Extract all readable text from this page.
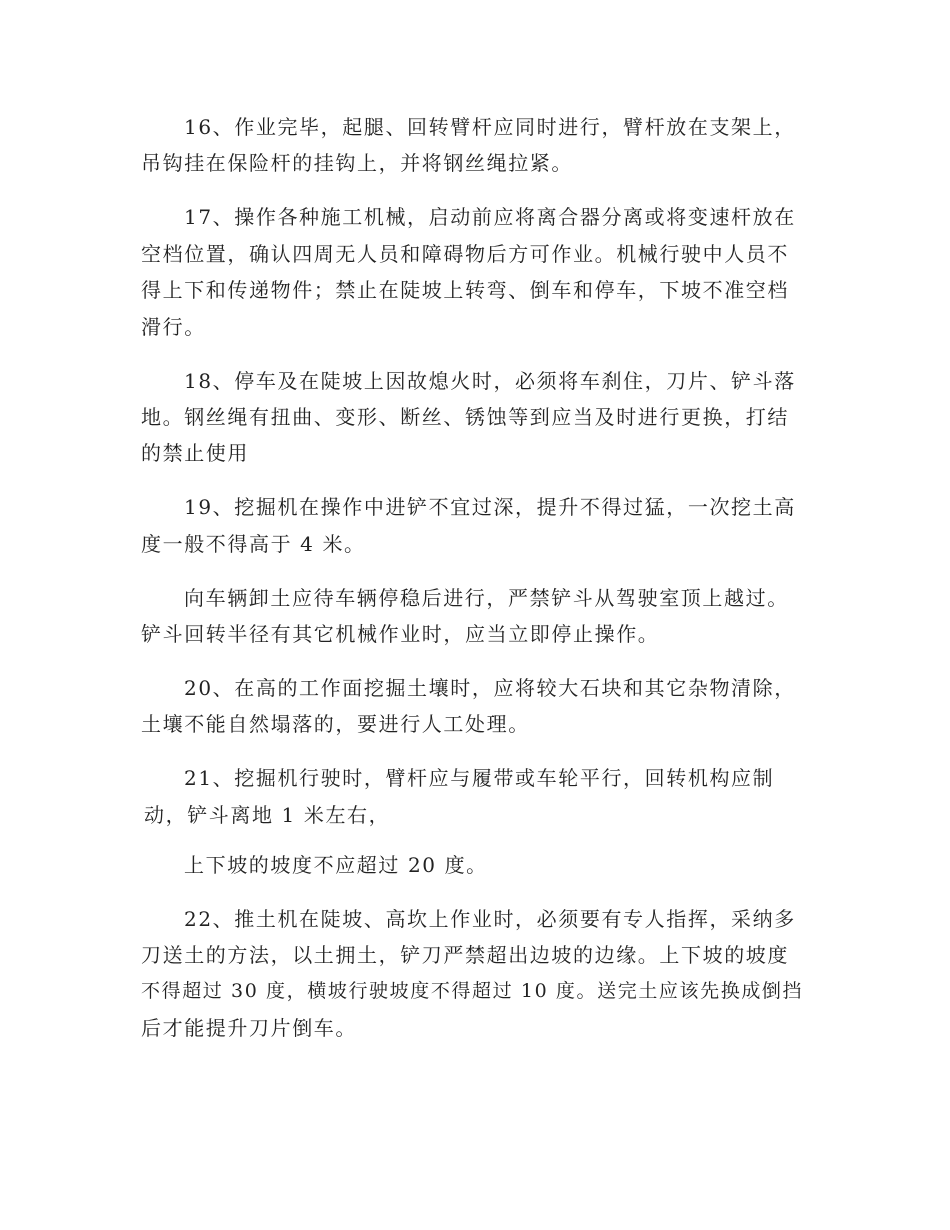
16、作业完毕，起腿、回转臂杆应同时进行，臂杆放在支架上，
吊钩挂在保险杆的挂钩上，并将钢丝绳拉紧。
17、操作各种施工机械，启动前应将离合器分离或将变速杆放在
空档位置，确认四周无人员和障碍物后方可作业。机械行驶中人员不
得上下和传递物件；禁止在陡坡上转弯、倒车和停车，下坡不准空档
滑行。
18、停车及在陡坡上因故熄火时，必须将车刹住，刀片、铲斗落
地。钢丝绳有扭曲、变形、断丝、锈蚀等到应当及时进行更换，打结
的禁止使用
19、挖掘机在操作中进铲不宜过深，提升不得过猛，一次挖土高
度一般不得高于 4 米。
向车辆卸土应待车辆停稳后进行，严禁铲斗从驾驶室顶上越过。
铲斗回转半径有其它机械作业时，应当立即停止操作。
20、在高的工作面挖掘土壤时，应将较大石块和其它杂物清除，
土壤不能自然塌落的，要进行人工处理。
21、挖掘机行驶时，臂杆应与履带或车轮平行，回转机构应制
动，铲斗离地 1 米左右，
上下坡的坡度不应超过 20 度。
22、推土机在陡坡、高坎上作业时，必须要有专人指挥，采纳多
刀送土的方法，以土拥土，铲刀严禁超出边坡的边缘。上下坡的坡度
不得超过 30 度，横坡行驶坡度不得超过 10 度。送完土应该先换成倒挡
后才能提升刀片倒车。
